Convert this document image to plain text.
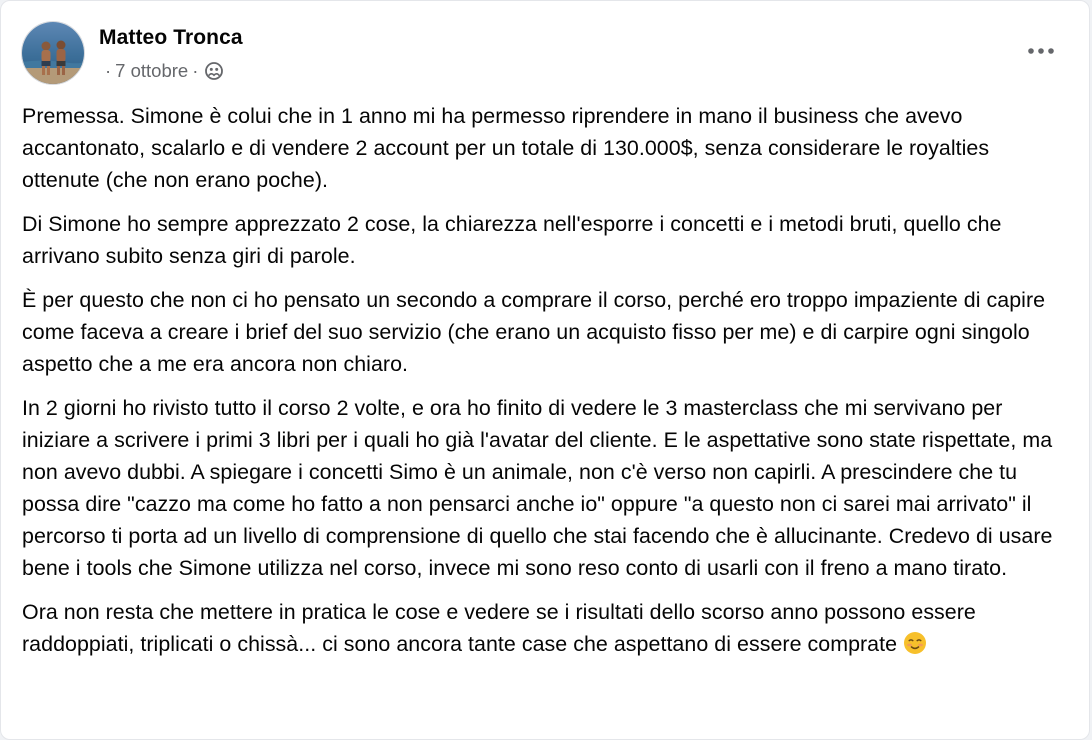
Matteo Tronca
· 7 ottobre ·

Premessa. Simone è colui che in 1 anno mi ha permesso riprendere in mano il business che avevo accantonato, scalarlo e di vendere 2 account per un totale di 130.000$, senza considerare le royalties ottenute (che non erano poche).

Di Simone ho sempre apprezzato 2 cose, la chiarezza nell'esporre i concetti e i metodi bruti, quello che arrivano subito senza giri di parole.

È per questo che non ci ho pensato un secondo a comprare il corso, perché ero troppo impaziente di capire come faceva a creare i brief del suo servizio (che erano un acquisto fisso per me) e di carpire ogni singolo aspetto che a me era ancora non chiaro.

In 2 giorni ho rivisto tutto il corso 2 volte, e ora ho finito di vedere le 3 masterclass che mi servivano per iniziare a scrivere i primi 3 libri per i quali ho già l'avatar del cliente. E le aspettative sono state rispettate, ma non avevo dubbi. A spiegare i concetti Simo è un animale, non c'è verso non capirli. A prescindere che tu possa dire "cazzo ma come ho fatto a non pensarci anche io" oppure "a questo non ci sarei mai arrivato" il percorso ti porta ad un livello di comprensione di quello che stai facendo che è allucinante. Credevo di usare bene i tools che Simone utilizza nel corso, invece mi sono reso conto di usarli con il freno a mano tirato.

Ora non resta che mettere in pratica le cose e vedere se i risultati dello scorso anno possono essere raddoppiati, triplicati o chissà... ci sono ancora tante case che aspettano di essere comprate
